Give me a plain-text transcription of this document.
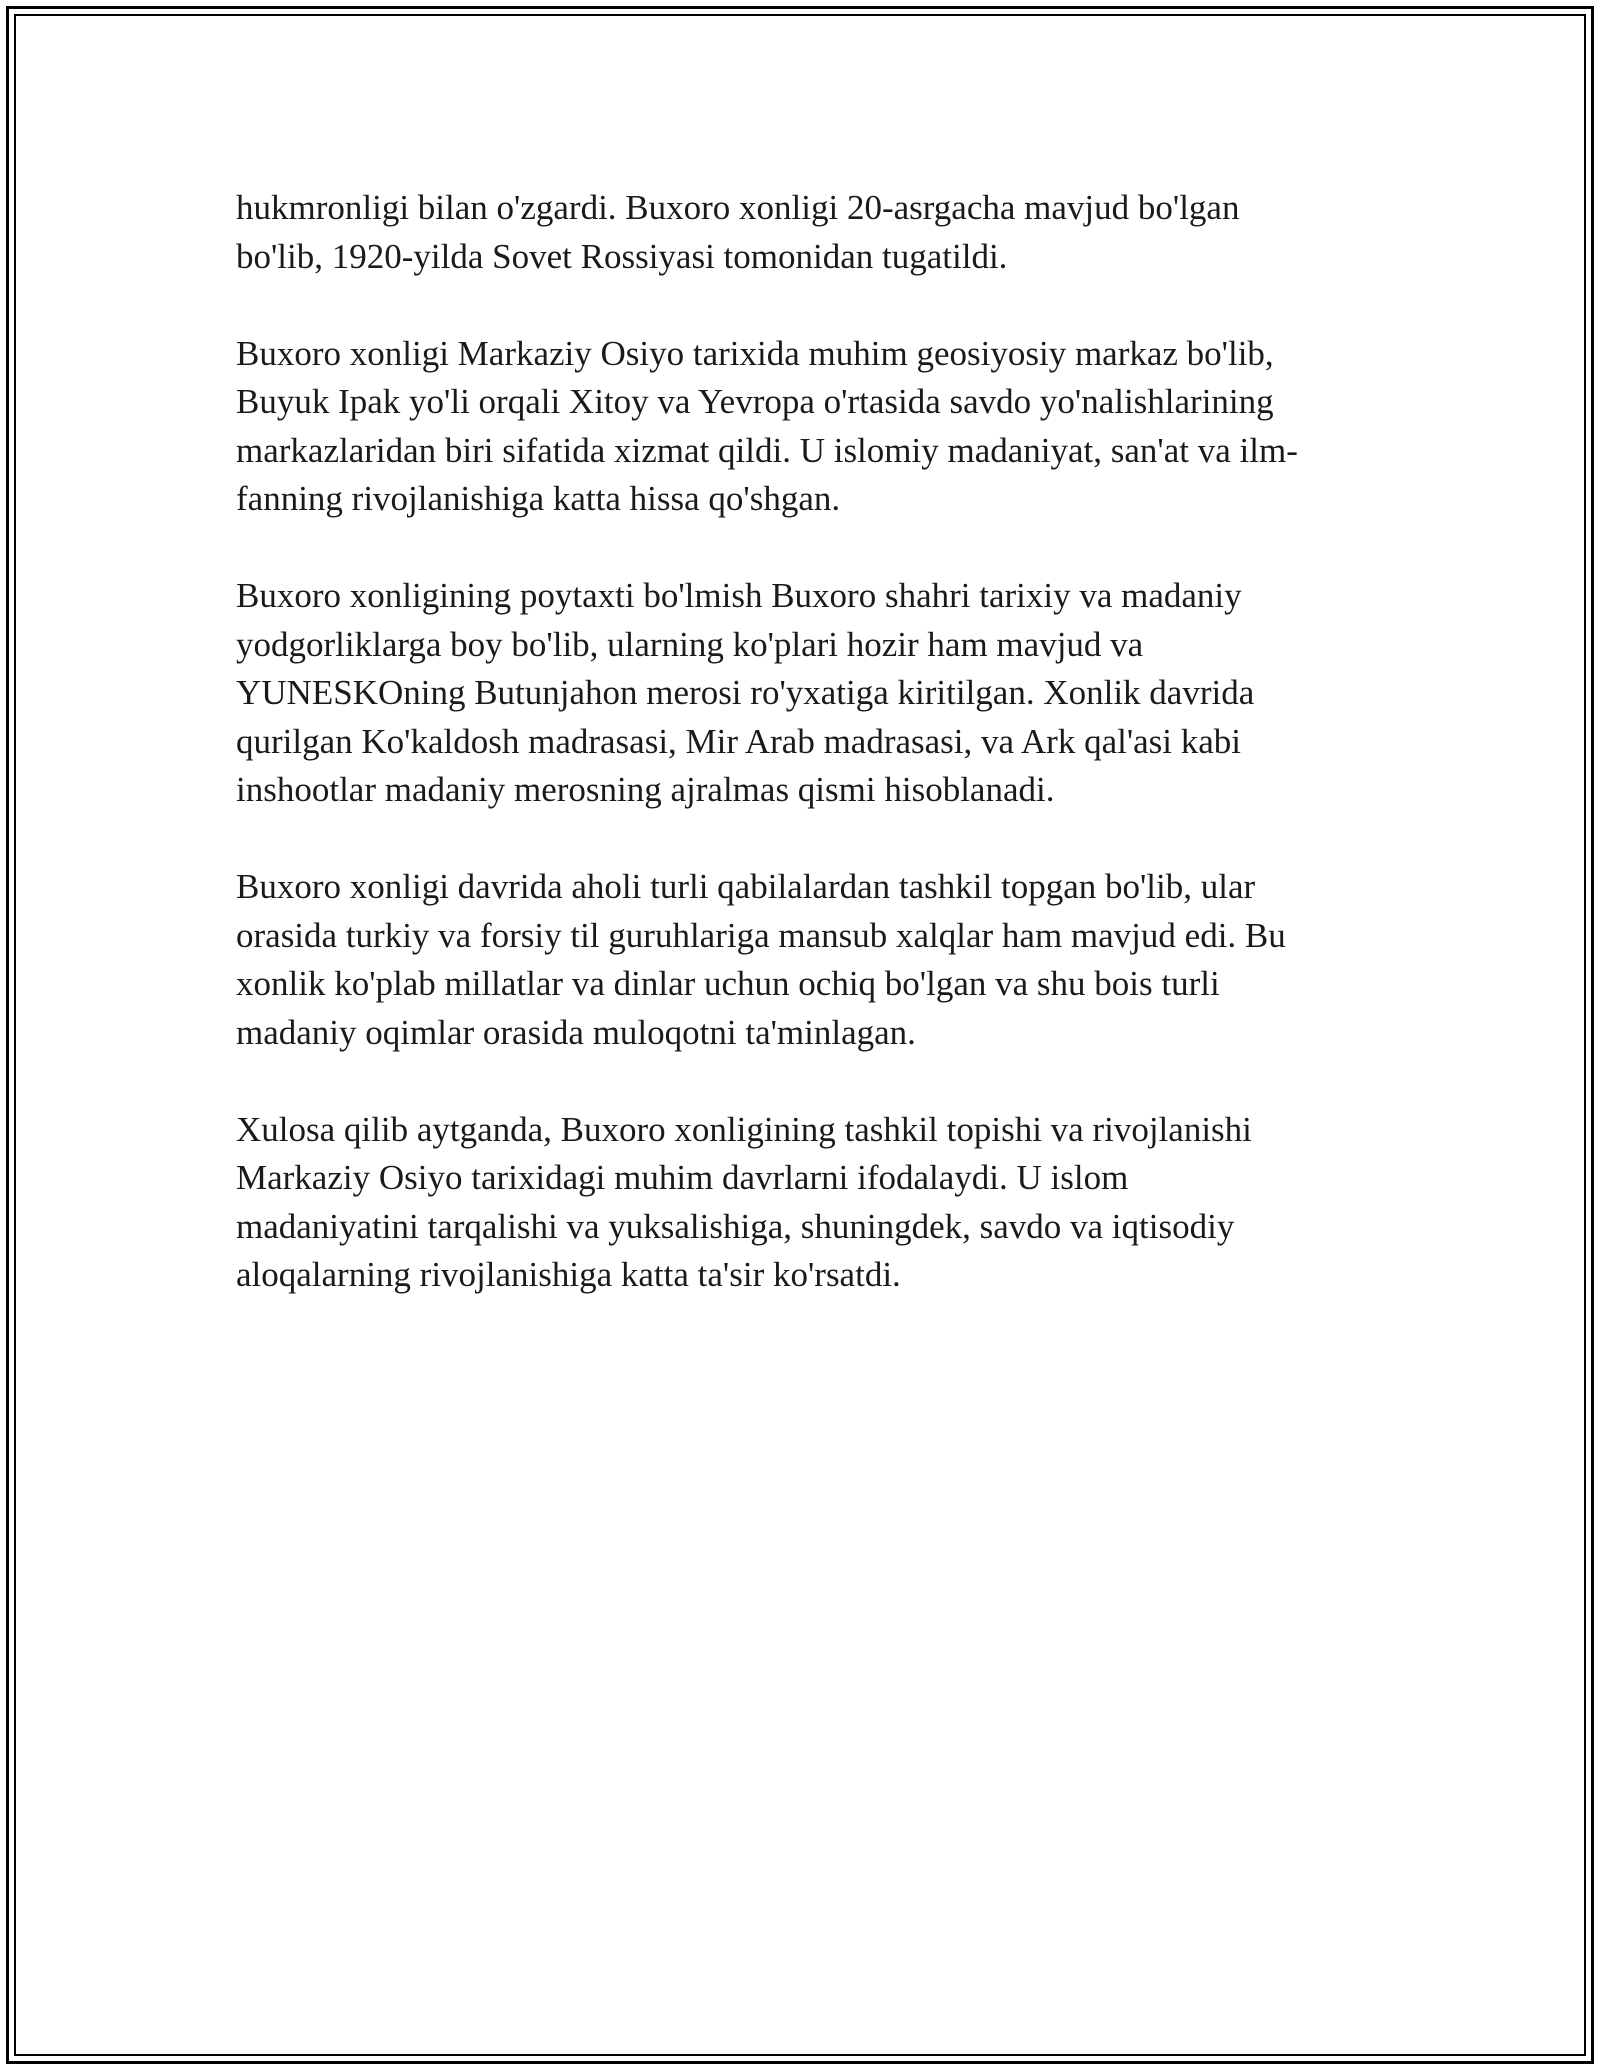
hukmronligi bilan o'zgardi. Buxoro xonligi 20-asrgacha mavjud bo'lgan
bo'lib, 1920-yilda Sovet Rossiyasi tomonidan tugatildi.

Buxoro xonligi Markaziy Osiyo tarixida muhim geosiyosiy markaz bo'lib,
Buyuk Ipak yo'li orqali Xitoy va Yevropa o'rtasida savdo yo'nalishlarining
markazlaridan biri sifatida xizmat qildi. U islomiy madaniyat, san'at va ilm-
fanning rivojlanishiga katta hissa qo'shgan.

Buxoro xonligining poytaxti bo'lmish Buxoro shahri tarixiy va madaniy
yodgorliklarga boy bo'lib, ularning ko'plari hozir ham mavjud va
YUNESKOning Butunjahon merosi ro'yxatiga kiritilgan. Xonlik davrida
qurilgan Ko'kaldosh madrasasi, Mir Arab madrasasi, va Ark qal'asi kabi
inshootlar madaniy merosning ajralmas qismi hisoblanadi.

Buxoro xonligi davrida aholi turli qabilalardan tashkil topgan bo'lib, ular
orasida turkiy va forsiy til guruhlariga mansub xalqlar ham mavjud edi. Bu
xonlik ko'plab millatlar va dinlar uchun ochiq bo'lgan va shu bois turli
madaniy oqimlar orasida muloqotni ta'minlagan.

Xulosa qilib aytganda, Buxoro xonligining tashkil topishi va rivojlanishi
Markaziy Osiyo tarixidagi muhim davrlarni ifodalaydi. U islom
madaniyatini tarqalishi va yuksalishiga, shuningdek, savdo va iqtisodiy
aloqalarning rivojlanishiga katta ta'sir ko'rsatdi.
